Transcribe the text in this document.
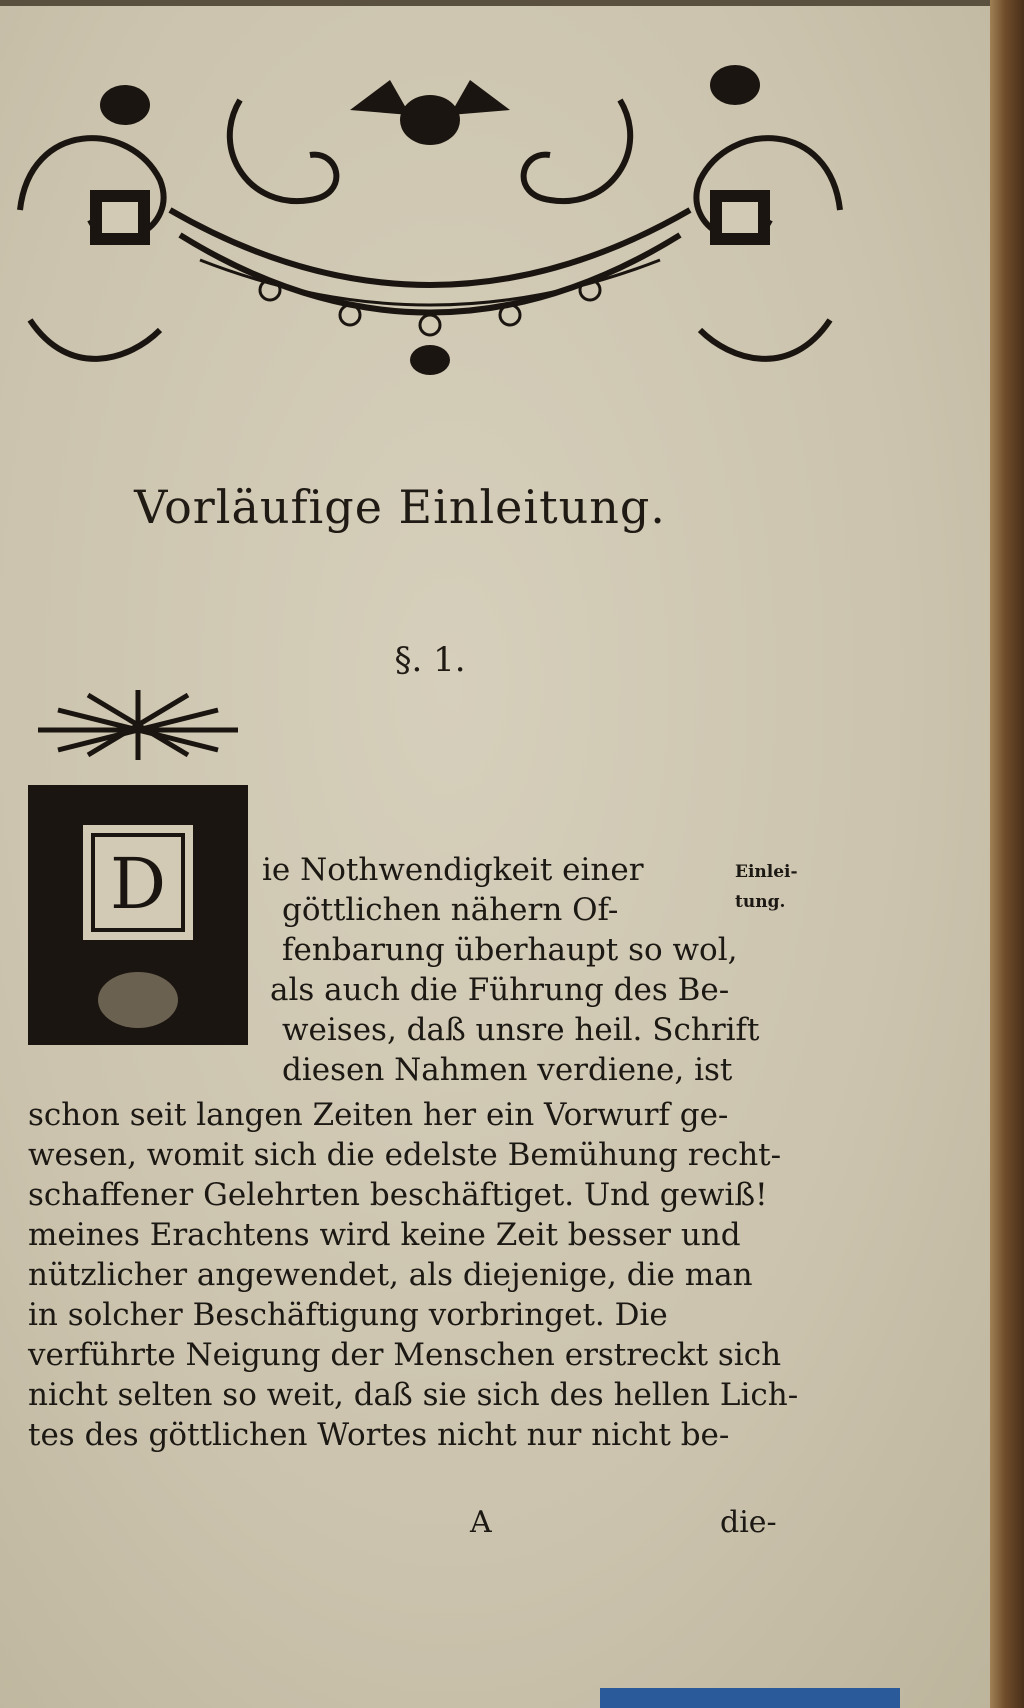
Vorläufige Einleitung.
§. 1.
D	ie Nothwendigkeit einer
göttlichen nähern Of-
fenbarung überhaupt so wol,
als auch die Führung des Be-
weises, daß unsre heil. Schrift
diesen Nahmen verdiene, ist
schon seit langen Zeiten her ein Vorwurf ge-
wesen, womit sich die edelste Bemühung recht-
schaffener Gelehrten beschäftiget. Und gewiß!
meines Erachtens wird keine Zeit besser und
nützlicher angewendet, als diejenige, die man
in solcher Beschäftigung vorbringet. Die
verführte Neigung der Menschen erstreckt sich
nicht selten so weit, daß sie sich des hellen Lich-
tes des göttlichen Wortes nicht nur nicht be-
Einlei-
tung.
A	die-
